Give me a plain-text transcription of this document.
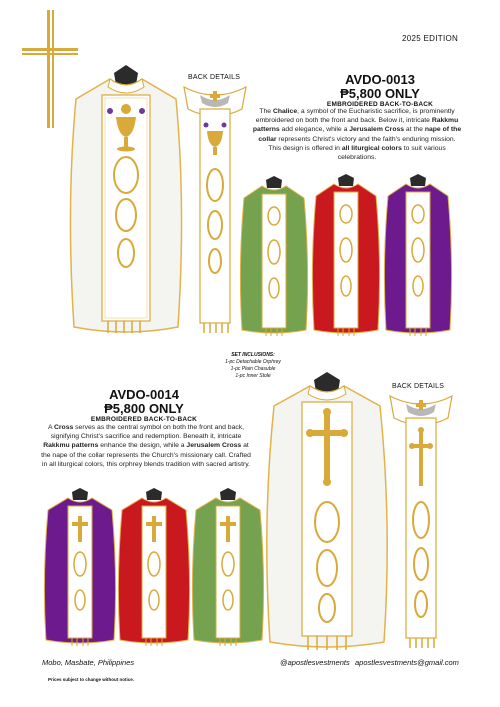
2025 EDITION
BACK DETAILS	AVDO-0013
₱5,800 ONLY
EMBROIDERED BACK-TO-BACK
The Chalice, a symbol of the Eucharistic sacrifice, is prominently embroidered on both the front and back. Below it, intricate Rakkmu patterns add elegance, while a Jerusalem Cross at the nape of the collar represents Christ's victory and the faith's enduring mission. This design is offered in all liturgical colors to suit various celebrations.
SET INCLUSIONS:
1-pc Detachable Orphrey
1-pc Plain Chasuble
1-pc Inner Stole
AVDO-0014
₱5,800 ONLY
EMBROIDERED BACK-TO-BACK
A Cross serves as the central symbol on both the front and back, signifying Christ's sacrifice and redemption. Beneath it, intricate Rakkmu patterns enhance the design, while a Jerusalem Cross at the nape of the collar represents the Church's missionary call. Crafted in all liturgical colors, this orphrey blends tradition with sacred artistry.
BACK DETAILS
Mobo, Masbate, Philippines	@apostlesvestments apostlesvestments@gmail.com
Prices subject to change without notice.
